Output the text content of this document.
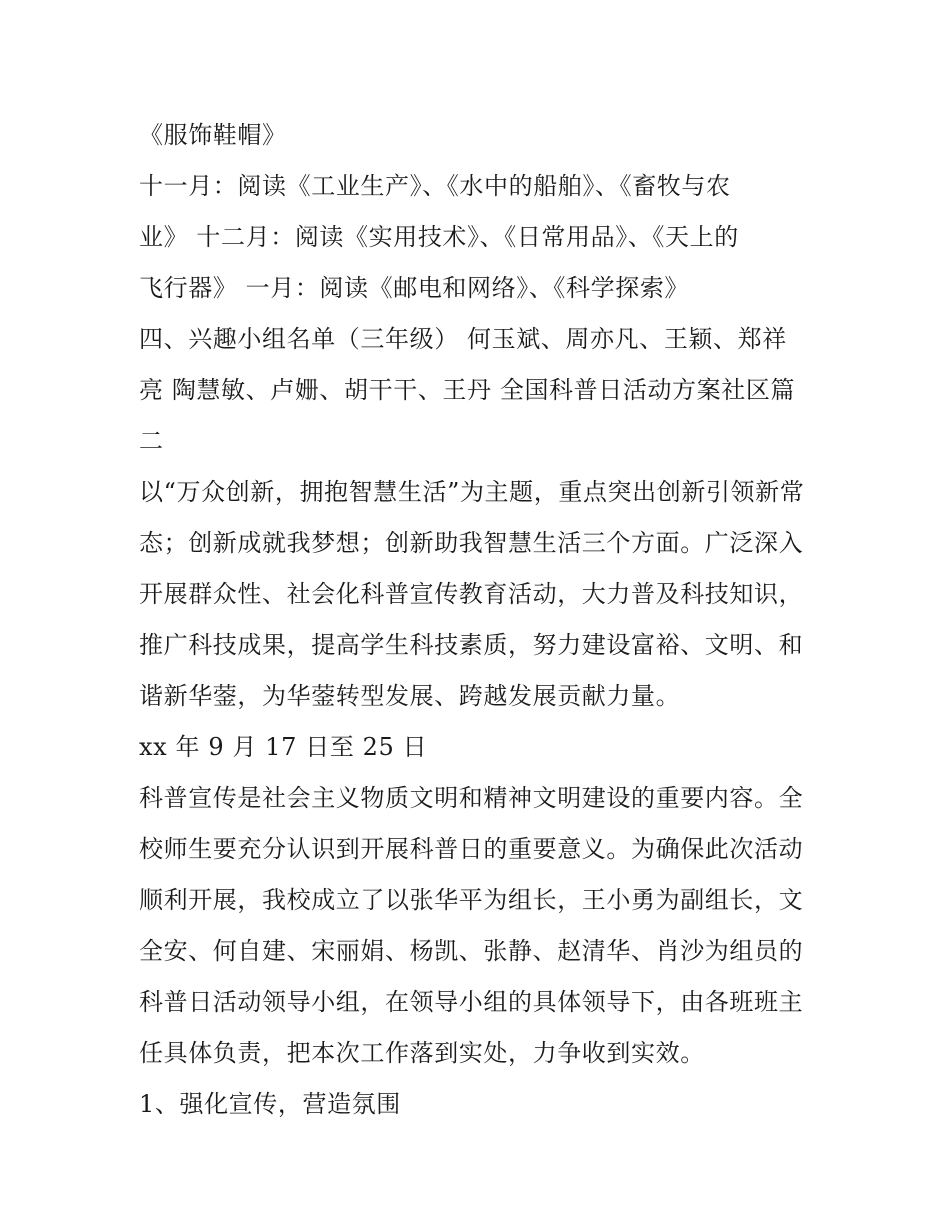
《服饰鞋帽》
十一月：阅读《工业生产》、《水中的船舶》、《畜牧与农
业》 十二月：阅读《实用技术》、《日常用品》、《天上的
飞行器》 一月：阅读《邮电和网络》、《科学探索》
四、兴趣小组名单（三年级） 何玉斌、周亦凡、王颖、郑祥
亮 陶慧敏、卢姗、胡干干、王丹 全国科普日活动方案社区篇
二
以“万众创新，拥抱智慧生活”为主题，重点突出创新引领新常
态；创新成就我梦想；创新助我智慧生活三个方面。广泛深入
开展群众性、社会化科普宣传教育活动，大力普及科技知识，
推广科技成果，提高学生科技素质，努力建设富裕、文明、和
谐新华蓥，为华蓥转型发展、跨越发展贡献力量。
xx 年 9 月 17 日至 25 日
科普宣传是社会主义物质文明和精神文明建设的重要内容。全
校师生要充分认识到开展科普日的重要意义。为确保此次活动
顺利开展，我校成立了以张华平为组长，王小勇为副组长，文
全安、何自建、宋丽娟、杨凯、张静、赵清华、肖沙为组员的
科普日活动领导小组，在领导小组的具体领导下，由各班班主
任具体负责，把本次工作落到实处，力争收到实效。
1、强化宣传，营造氛围
